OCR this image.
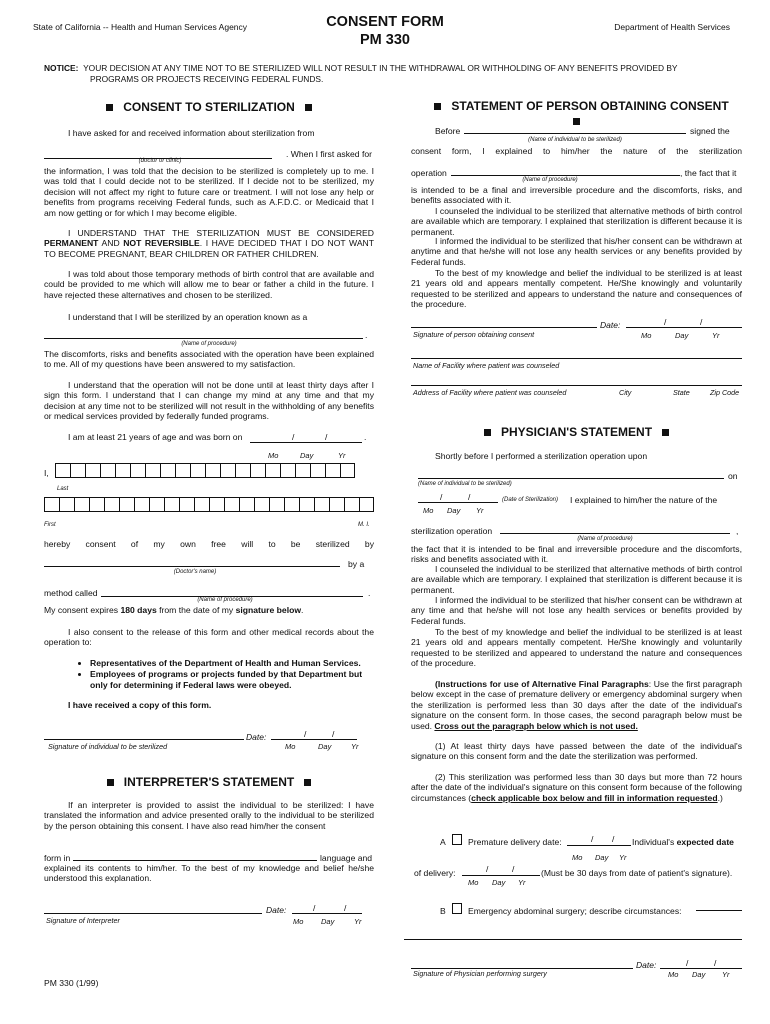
State of California -- Health and Human Services Agency	CONSENT FORM
PM 330
Department of Health Services
NOTICE: YOUR DECISION AT ANY TIME NOT TO BE STERILIZED WILL NOT RESULT IN THE WITHDRAWAL OR WITHHOLDING OF ANY BENEFITS PROVIDED BY
PROGRAMS OR PROJECTS RECEIVING FEDERAL FUNDS.
CONSENT TO STERILIZATION
I have asked for and received information about sterilization from
. When I first asked for
(doctor or clinic)
the information, I was told that the decision to be sterilized is completely up to me. I was told that I could decide not to be sterilized. If I decide not to be sterilized, my decision will not affect my right to future care or treatment. I will not lose any help or benefits from programs receiving Federal funds, such as A.F.D.C. or Medicaid that I am now getting or for which I may become eligible.
I UNDERSTAND THAT THE STERILIZATION MUST BE CONSIDERED PERMANENT AND NOT REVERSIBLE. I HAVE DECIDED THAT I DO NOT WANT TO BECOME PREGNANT, BEAR CHILDREN OR FATHER CHILDREN.
I was told about those temporary methods of birth control that are available and could be provided to me which will allow me to bear or father a child in the future. I have rejected these alternatives and chosen to be sterilized.
I understand that I will be sterilized by an operation known as a
.
(Name of procedure)
The discomforts, risks and benefits associated with the operation have been explained to me. All of my questions have been answered to my satisfaction.
I understand that the operation will not be done until at least thirty days after I sign this form. I understand that I can change my mind at any time and that my decision at any time not to be sterilized will not result in the withholding of any benefits or medical services provided by federally funded programs.
I am at least 21 years of age and was born on	/	/	.
Mo	Day	Yr
I,
Last
First	M. I.
hereby consent of my own free will to be sterilized by
by a
(Doctor's name)
method called	.
(Name of procedure)
My consent expires 180 days from the date of my signature below.
I also consent to the release of this form and other medical records about the operation to:
• Representatives of the Department of Health and Human Services.
• Employees of programs or projects funded by that Department but only for determining if Federal laws were obeyed.
I have received a copy of this form.
Date:	/	/
Signature of individual to be sterilized	Mo	Day	Yr
INTERPRETER'S STATEMENT
If an interpreter is provided to assist the individual to be sterilized: I have translated the information and advice presented orally to the individual to be sterilized by the person obtaining this consent. I have also read him/her the consent
form in	language and
explained its contents to him/her. To the best of my knowledge and belief he/she understood this explanation.
Date:	/	/
Signature of Interpreter	Mo Day	Yr
PM 330 (1/99)
STATEMENT OF PERSON OBTAINING CONSENT
Before	signed the
(Name of individual to be sterilized)
consent form, I explained to him/her the nature of the sterilization
operation	, the fact that it
(Name of procedure)
is intended to be a final and irreversible procedure and the discomforts, risks, and benefits associated with it.
I counseled the individual to be sterilized that alternative methods of birth control are available which are temporary. I explained that sterilization is different because it is permanent.
I informed the individual to be sterilized that his/her consent can be withdrawn at anytime and that he/she will not lose any health services or any benefits provided by Federal funds.
To the best of my knowledge and belief the individual to be sterilized is at least 21 years old and appears mentally competent. He/She knowingly and voluntarily requested to be sterilized and appears to understand the nature and consequences of the procedure.
Date:	/	/
Signature of person obtaining consent	Mo	Day	Yr
Name of Facility where patient was counseled
Address of Facility where patient was counseled	City	State	Zip Code
PHYSICIAN'S STATEMENT
Shortly before I performed a sterilization operation upon
on
(Name of individual to be sterilized)
/	/	(Date of Sterilization) I explained to him/her the nature of the
Mo Day Yr
sterilization operation	,
(Name of procedure)
the fact that it is intended to be final and irreversible procedure and the discomforts, risks and benefits associated with it.
I counseled the individual to be sterilized that alternative methods of birth control are available which are temporary. I explained that sterilization is different because it is permanent.
I informed the individual to be sterilized that his/her consent can be withdrawn at any time and that he/she will not lose any health services or benefits provided by Federal funds.
To the best of my knowledge and belief the individual to be sterilized is at least 21 years old and appears mentally competent. He/She knowingly and voluntarily requested to be sterilized and appeared to understand the nature and consequences of the procedure.
(Instructions for use of Alternative Final Paragraphs: Use the first paragraph below except in the case of premature delivery or emergency abdominal surgery when the sterilization is performed less than 30 days after the date of the individual's signature on the consent form. In those cases, the second paragraph below must be used. Cross out the paragraph below which is not used.
(1) At least thirty days have passed between the date of the individual's signature on this consent form and the date the sterilization was performed.
(2) This sterilization was performed less than 30 days but more than 72 hours after the date of the individual's signature on this consent form because of the following circumstances (check applicable box below and fill in information requested.)
A	Premature delivery date:	/ / Individual's expected date
Mo Day Yr
of delivery:	/	/	(Must be 30 days from date of patient's signature).
Mo Day Yr
B	Emergency abdominal surgery; describe circumstances:
Date:	/	/
Signature of Physician performing surgery	Mo Day Yr
